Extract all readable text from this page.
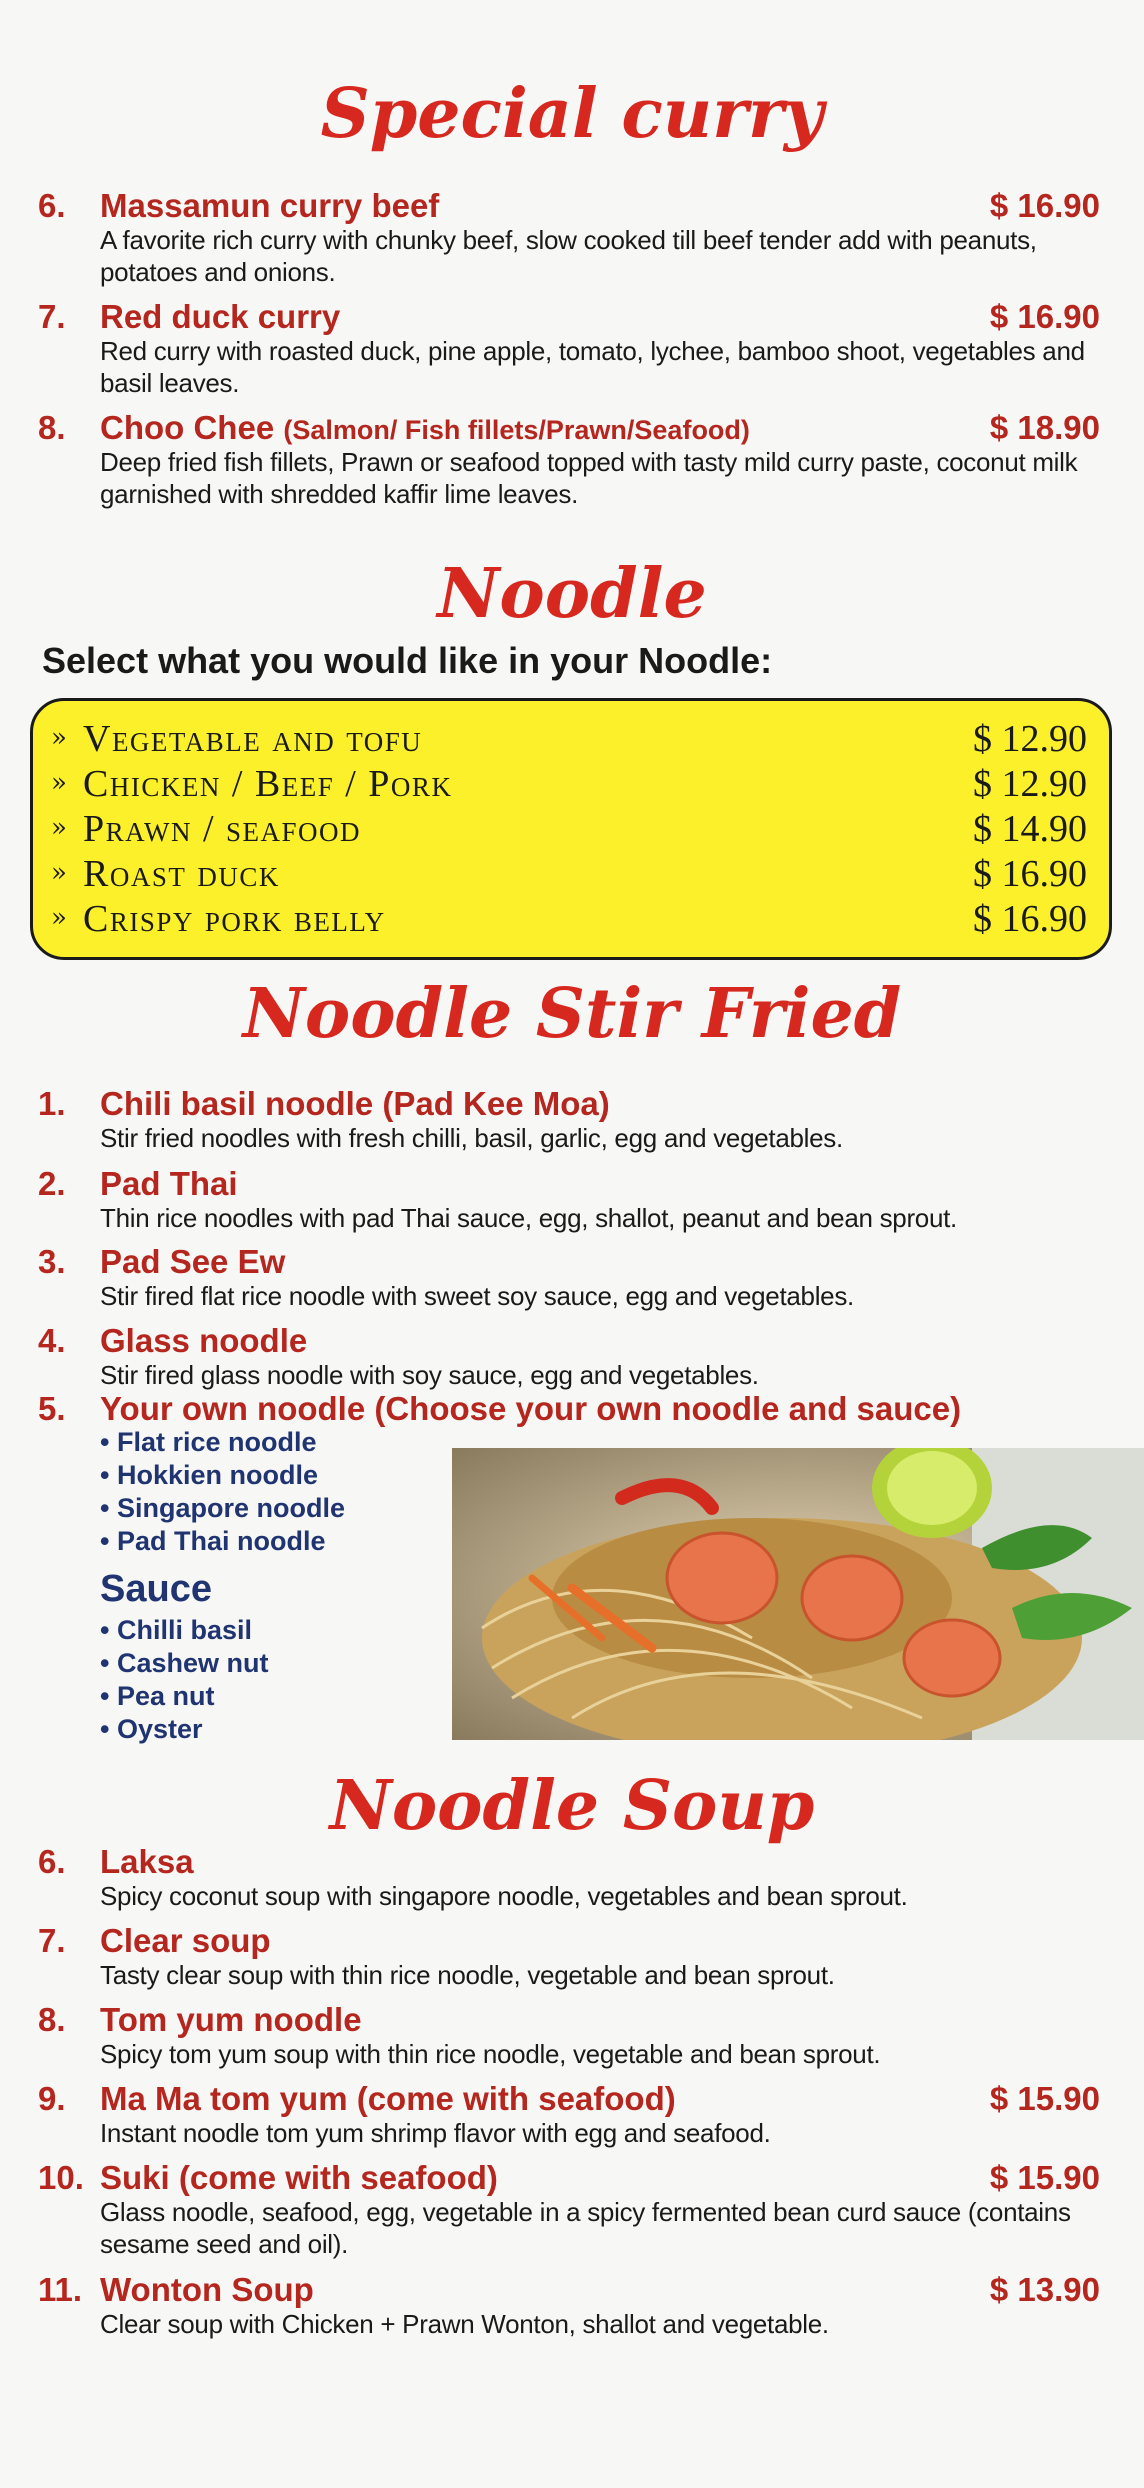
Special curry
6. Massamun curry beef	$ 16.90
A favorite rich curry with chunky beef, slow cooked till beef tender add with peanuts, potatoes and onions.
7. Red duck curry	$ 16.90
Red curry with roasted duck, pine apple, tomato, lychee, bamboo shoot, vegetables and basil leaves.
8. Choo Chee (Salmon/ Fish fillets/Prawn/Seafood)	$ 18.90
Deep fried fish fillets, Prawn or seafood topped with tasty mild curry paste, coconut milk garnished with shredded kaffir lime leaves.
Noodle
Select what you would like in your Noodle:
» Vegetable and tofu	$ 12.90
» Chicken / Beef / Pork	$ 12.90
» Prawn / seafood	$ 14.90
» Roast duck	$ 16.90
» Crispy pork belly	$ 16.90
Noodle Stir Fried
1. Chili basil noodle (Pad Kee Moa)
Stir fried noodles with fresh chilli, basil, garlic, egg and vegetables.
2. Pad Thai
Thin rice noodles with pad Thai sauce, egg, shallot, peanut and bean sprout.
3. Pad See Ew
Stir fired flat rice noodle with sweet soy sauce, egg and vegetables.
4. Glass noodle
Stir fired glass noodle with soy sauce, egg and vegetables.
5. Your own noodle (Choose your own noodle and sauce)
• Flat rice noodle
• Hokkien noodle
• Singapore noodle
• Pad Thai noodle
Sauce
• Chilli basil
• Cashew nut
• Pea nut
• Oyster
Noodle Soup
6. Laksa
Spicy coconut soup with singapore noodle, vegetables and bean sprout.
7. Clear soup
Tasty clear soup with thin rice noodle, vegetable and bean sprout.
8. Tom yum noodle
Spicy tom yum soup with thin rice noodle, vegetable and bean sprout.
9. Ma Ma tom yum (come with seafood)	$ 15.90
Instant noodle tom yum shrimp flavor with egg and seafood.
10. Suki (come with seafood)	$ 15.90
Glass noodle, seafood, egg, vegetable in a spicy fermented bean curd sauce (contains sesame seed and oil).
11. Wonton Soup	$ 13.90
Clear soup with Chicken + Prawn Wonton, shallot and vegetable.
